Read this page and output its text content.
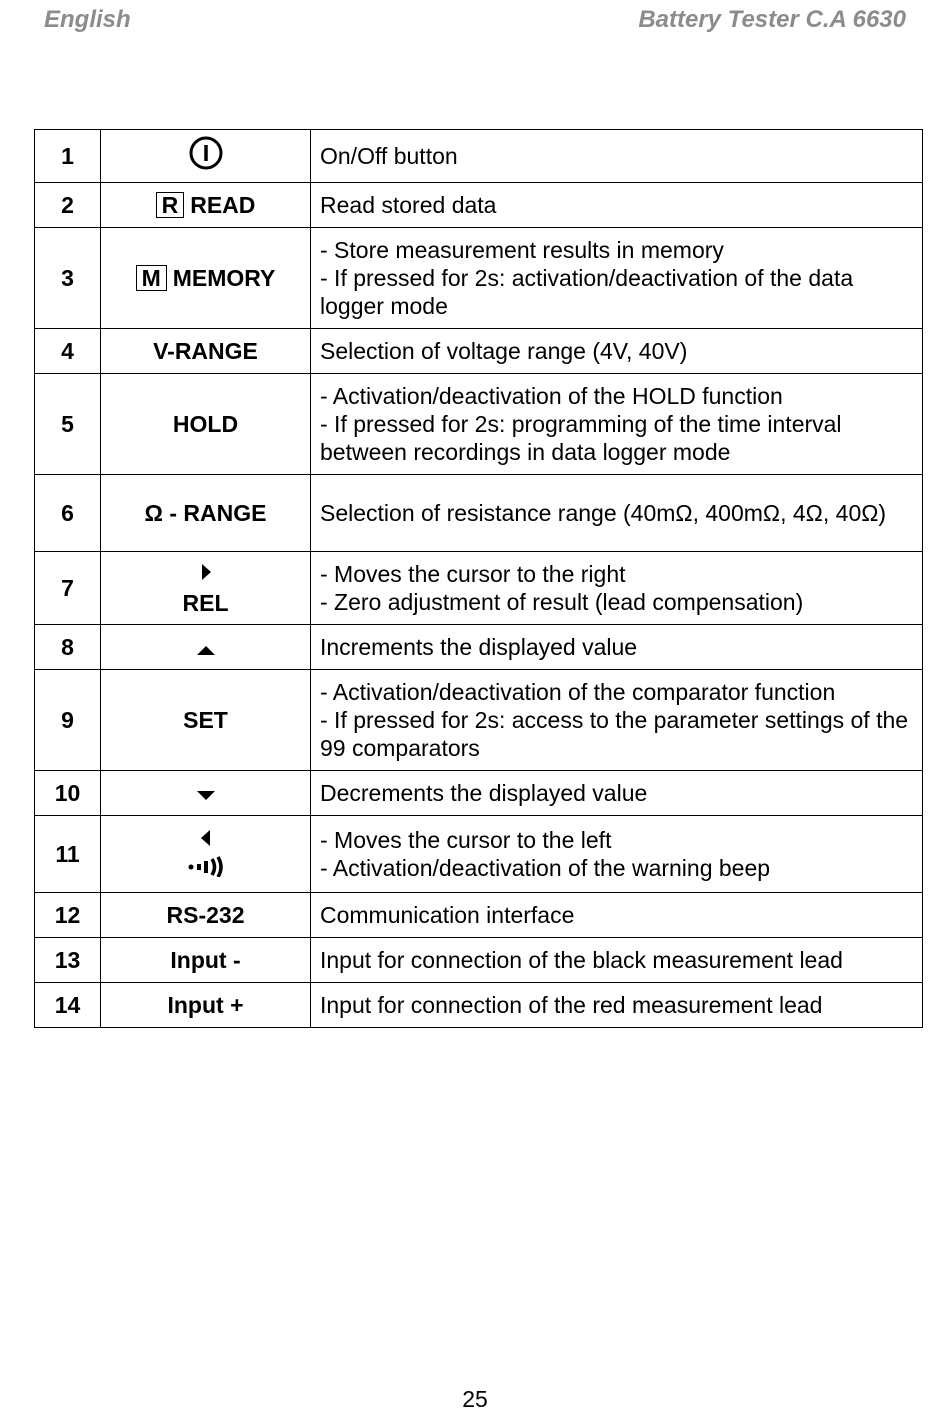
English	Battery Tester C.A 6630
1		On/Off button

2	R READ	Read stored data

3	M MEMORY	- Store measurement results in memory
- If pressed for 2s: activation/deactivation of the data logger mode

4	V-RANGE	Selection of voltage range (4V, 40V)

5	HOLD	- Activation/deactivation of the HOLD function
- If pressed for 2s: programming of the time interval between recordings in data logger mode

6	Ω - RANGE	Selection of resistance range (40mΩ, 400mΩ, 4Ω, 40Ω)

7	REL	- Moves the cursor to the right
- Zero adjustment of result (lead compensation)

8		Increments the displayed value

9	SET	- Activation/deactivation of the comparator function
- If pressed for 2s: access to the parameter settings of the 99 comparators

10		Decrements the displayed value

11		- Moves the cursor to the left
- Activation/deactivation of the warning beep

12	RS-232	Communication interface

13	Input -	Input for connection of the black measurement lead

14	Input +	Input for connection of the red measurement lead
25
